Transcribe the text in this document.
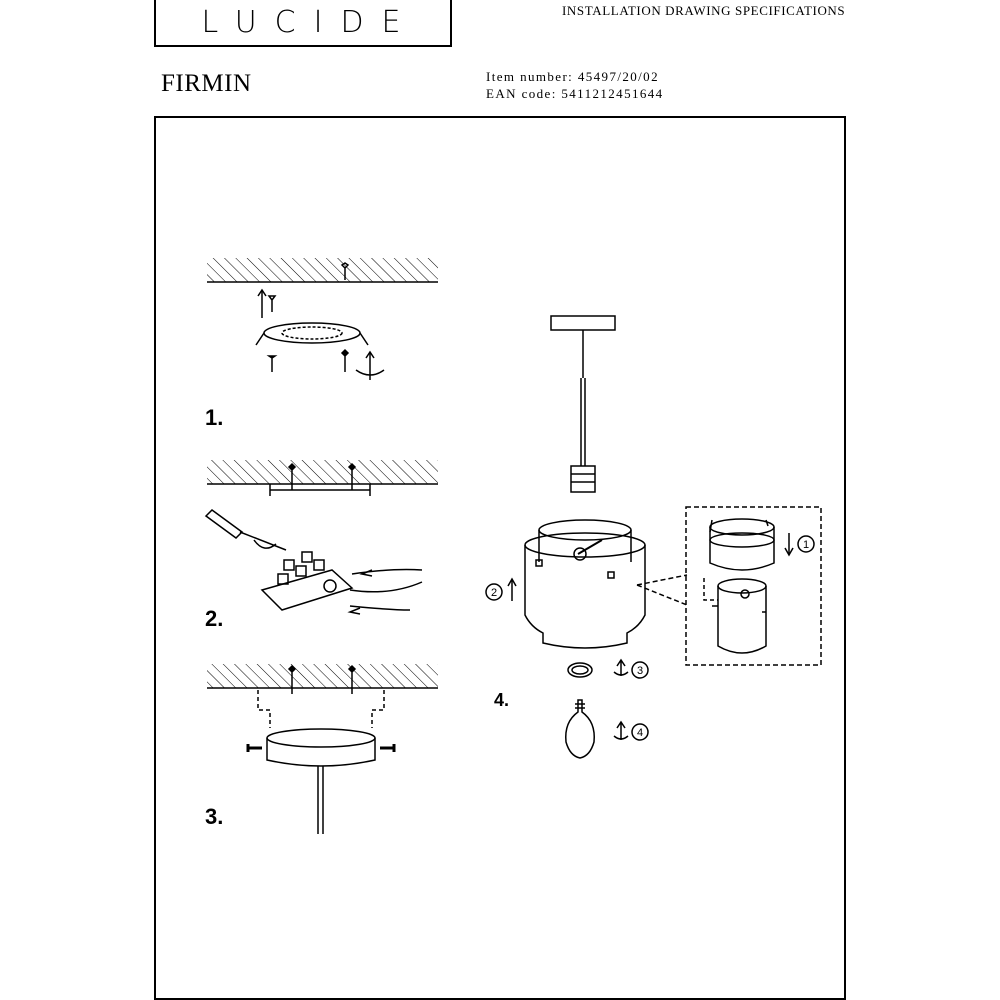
LUCIDE	INSTALLATION DRAWING SPECIFICATIONS
FIRMIN	Item number: 45497/20/02
EAN code: 5411212451644
1.
2.
3.
1
2
3
4
4.
